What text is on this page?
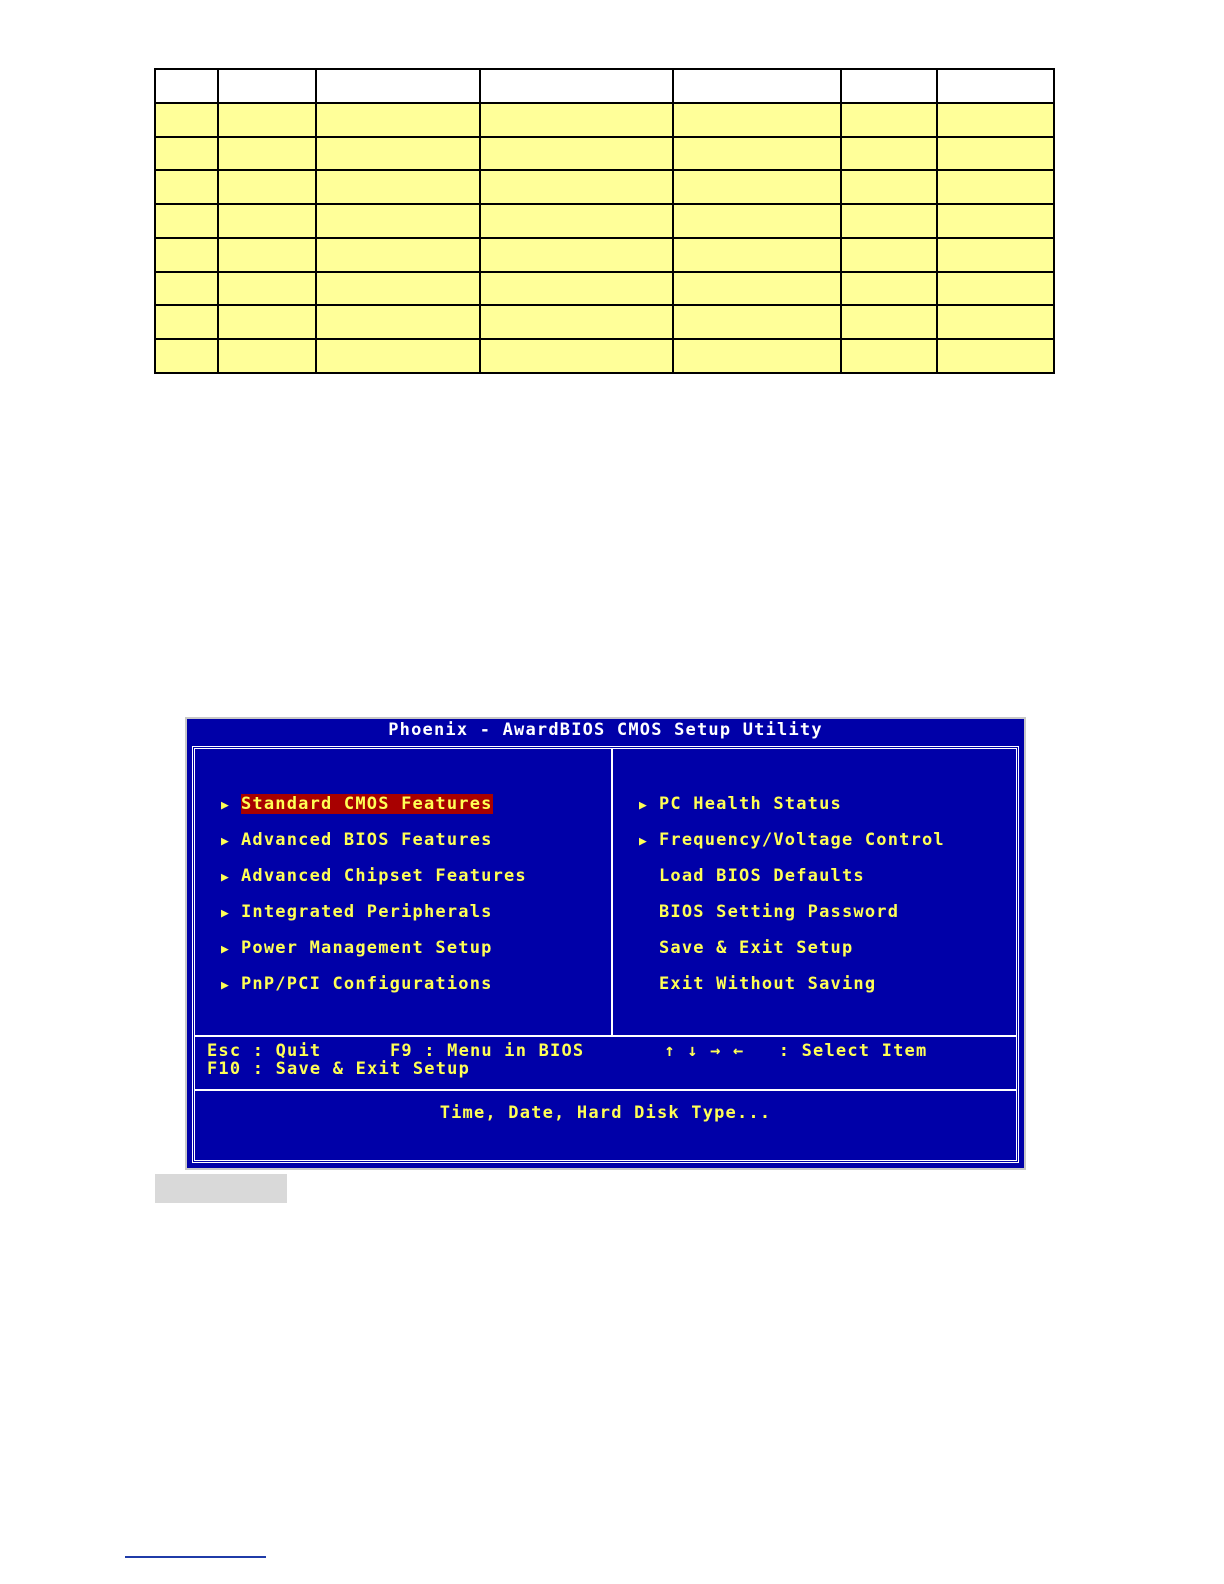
Phoenix - AwardBIOS CMOS Setup Utility
▶ Standard CMOS Features
▶ Advanced BIOS Features
▶ Advanced Chipset Features
▶ Integrated Peripherals
▶ Power Management Setup
▶ PnP/PCI Configurations
▶ PC Health Status
▶ Frequency/Voltage Control
Load BIOS Defaults
BIOS Setting Password
Save & Exit Setup
Exit Without Saving
Esc : Quit      F9 : Menu in BIOS       ↑ ↓ → ←   : Select Item
F10 : Save & Exit Setup
Time, Date, Hard Disk Type...
